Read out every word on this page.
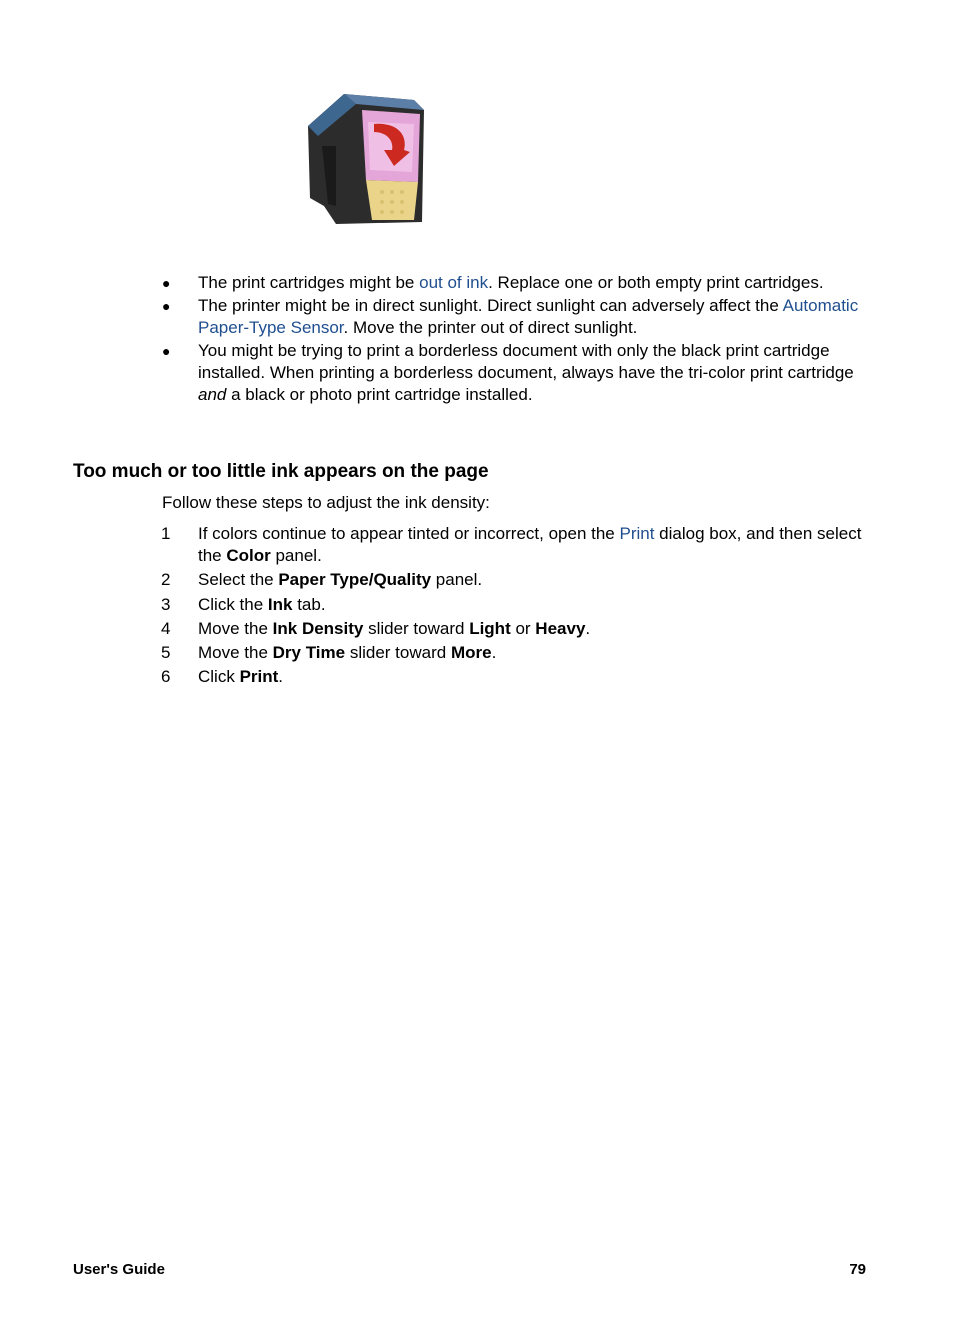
● The print cartridges might be out of ink. Replace one or both empty print cartridges.
● The printer might be in direct sunlight. Direct sunlight can adversely affect the Automatic Paper-Type Sensor. Move the printer out of direct sunlight.
● You might be trying to print a borderless document with only the black print cartridge installed. When printing a borderless document, always have the tri-color print cartridge and a black or photo print cartridge installed.
Too much or too little ink appears on the page

Follow these steps to adjust the ink density:

1 If colors continue to appear tinted or incorrect, open the Print dialog box, and then select the Color panel.
2 Select the Paper Type/Quality panel.
3 Click the Ink tab.
4 Move the Ink Density slider toward Light or Heavy.
5 Move the Dry Time slider toward More.
6 Click Print.
User's Guide	79
